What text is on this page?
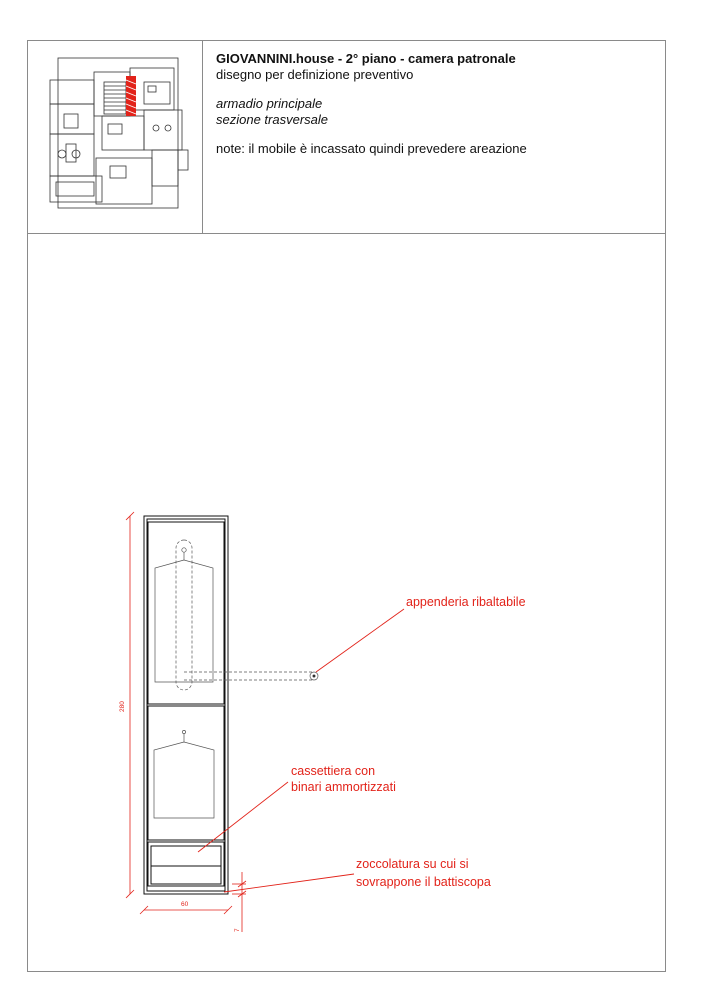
GIOVANNINI.house - 2° piano - camera patronale
disegno per definizione preventivo
armadio principale
sezione trasversale
note: il mobile è incassato quindi prevedere areazione
280
60
7
appenderia ribaltabile
cassettiera con
binari ammortizzati
zoccolatura su cui si
sovrappone il battiscopa
